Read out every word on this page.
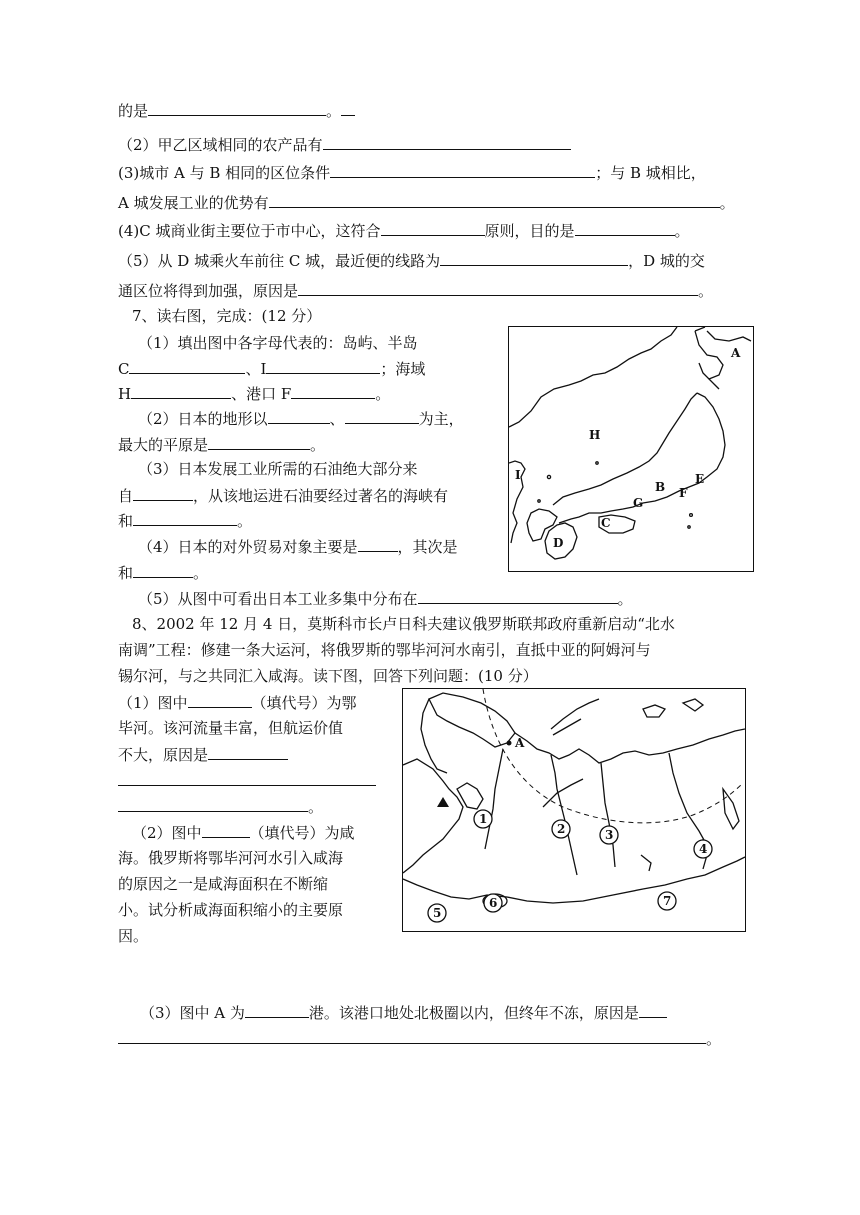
的是	。
（2）甲乙区域相同的农产品有
(3)城市 A 与 B 相同的区位条件	；与 B 城相比，
A 城发展工业的优势有	。
(4)C 城商业街主要位于市中心，这符合	原则，目的是	。
（5）从 D 城乘火车前往 C 城，最近便的线路为	，D 城的交
通区位将得到加强，原因是	。
7、读右图，完成：(12 分）
（1）填出图中各字母代表的：岛屿、半岛
C	、I	；海域
H	、港口 F	。
（2）日本的地形以	、	为主，
最大的平原是	。
（3）日本发展工业所需的石油绝大部分来
自	，从该地运进石油要经过著名的海峡有
和	。
（4）日本的对外贸易对象主要是	，其次是
和	。
（5）从图中可看出日本工业多集中分布在	。
A
H
I
B
E
F
G
C
D
8、2002 年 12 月 4 日，莫斯科市长卢日科夫建议俄罗斯联邦政府重新启动“北水
南调”工程：修建一条大运河，将俄罗斯的鄂毕河河水南引，直抵中亚的阿姆河与
锡尔河，与之共同汇入咸海。读下图，回答下列问题：(10 分）
（1）图中	（填代号）为鄂
毕河。该河流量丰富，但航运价值
不大，原因是
。
（2）图中	（填代号）为咸
海。俄罗斯将鄂毕河河水引入咸海
的原因之一是咸海面积在不断缩
小。试分析咸海面积缩小的主要原
因。
A
1
2	3
4
5
6	7
（3）图中 A 为	港。该港口地处北极圈以内，但终年不冻，原因是
。
